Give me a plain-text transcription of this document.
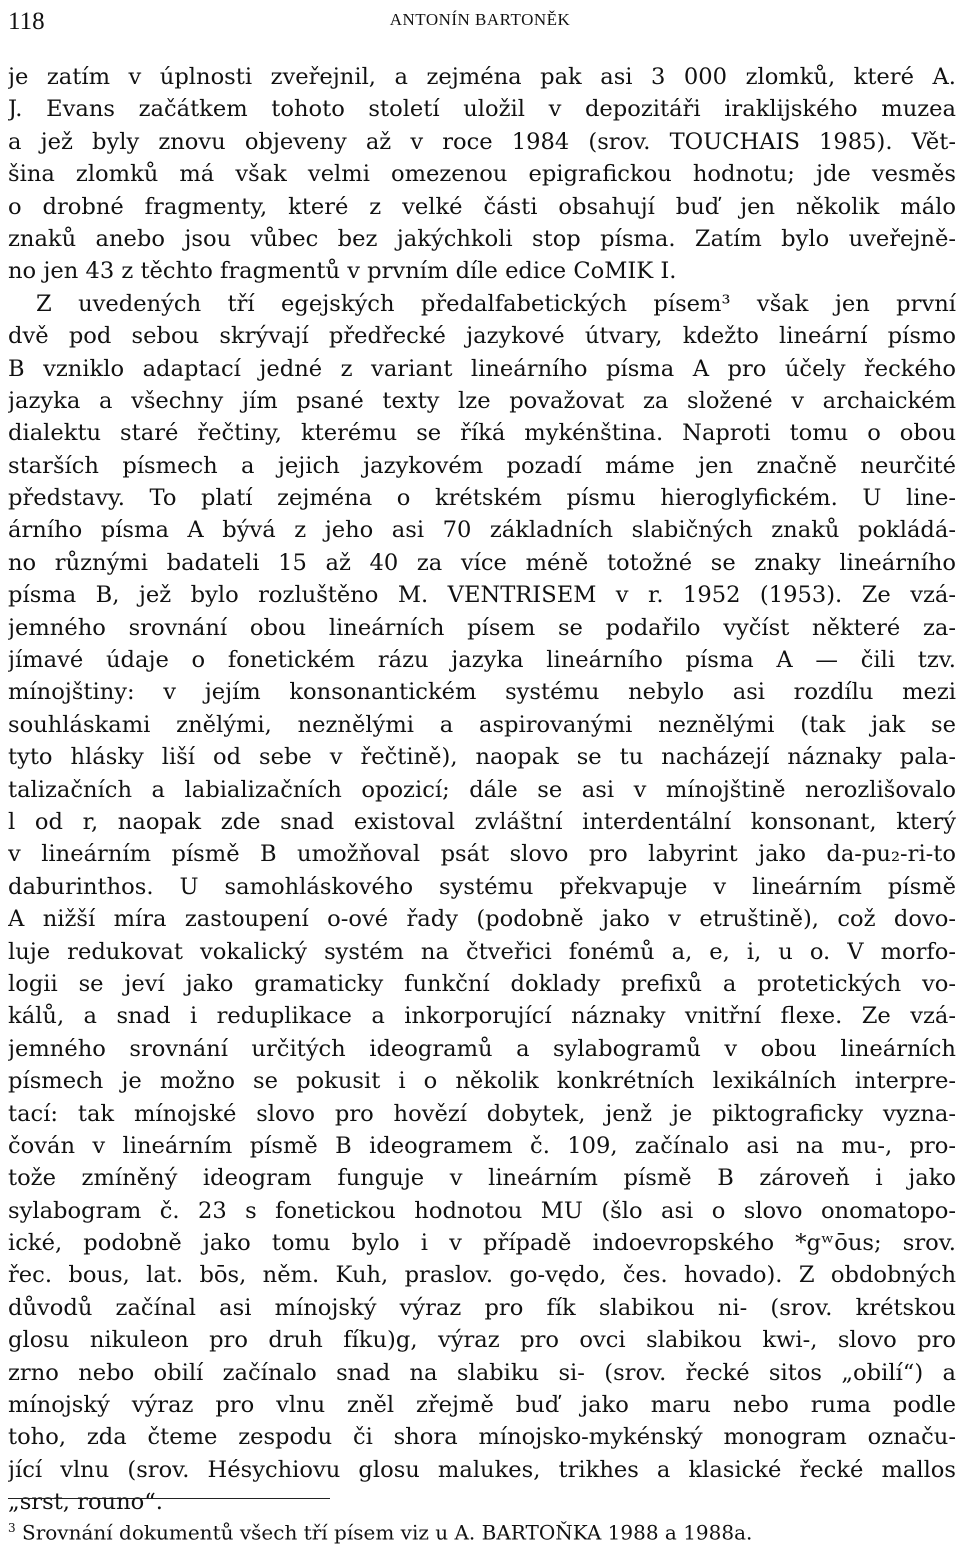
118	ANTONÍN BARTONĚK
je zatím v úplnosti zveřejnil, a zejména pak asi 3 000 zlomků, které A.
J. Evans začátkem tohoto století uložil v depozitáři iraklijského muzea
a jež byly znovu objeveny až v roce 1984 (srov. TOUCHAIS 1985). Vět-
šina zlomků má však velmi omezenou epigrafickou hodnotu; jde vesměs
o drobné fragmenty, které z velké části obsahují buď jen několik málo
znaků anebo jsou vůbec bez jakýchkoli stop písma. Zatím bylo uveřejně-
no jen 43 z těchto fragmentů v prvním díle edice CoMIK I.
Z uvedených tří egejských předalfabetických písem³ však jen první
dvě pod sebou skrývají předřecké jazykové útvary, kdežto lineární písmo
B vzniklo adaptací jedné z variant lineárního písma A pro účely řeckého
jazyka a všechny jím psané texty lze považovat za složené v archaickém
dialektu staré řečtiny, kterému se říká mykénština. Naproti tomu o obou
starších písmech a jejich jazykovém pozadí máme jen značně neurčité
představy. To platí zejména o krétském písmu hieroglyfickém. U line-
árního písma A bývá z jeho asi 70 základních slabičných znaků pokládá-
no různými badateli 15 až 40 za více méně totožné se znaky lineárního
písma B, jež bylo rozluštěno M. VENTRISEM v r. 1952 (1953). Ze vzá-
jemného srovnání obou lineárních písem se podařilo vyčíst některé za-
jímavé údaje o fonetickém rázu jazyka lineárního písma A — čili tzv.
mínojštiny: v jejím konsonantickém systému nebylo asi rozdílu mezi
souhláskami znělými, neznělými a aspirovanými neznělými (tak jak se
tyto hlásky liší od sebe v řečtině), naopak se tu nacházejí náznaky pala-
talizačních a labializačních opozicí; dále se asi v mínojštině nerozlišovalo
l od r, naopak zde snad existoval zvláštní interdentální konsonant, který
v lineárním písmě B umožňoval psát slovo pro labyrint jako da-pu₂-ri-to
daburinthos. U samohláskového systému překvapuje v lineárním písmě
A nižší míra zastoupení o-ové řady (podobně jako v etruštině), což dovo-
luje redukovat vokalický systém na čtveřici fonémů a, e, i, u o. V morfo-
logii se jeví jako gramaticky funkční doklady prefixů a protetických vo-
kálů, a snad i reduplikace a inkorporující náznaky vnitřní flexe. Ze vzá-
jemného srovnání určitých ideogramů a sylabogramů v obou lineárních
písmech je možno se pokusit i o několik konkrétních lexikálních interpre-
tací: tak mínojské slovo pro hovězí dobytek, jenž je piktograficky vyzna-
čován v lineárním písmě B ideogramem č. 109, začínalo asi na mu-, pro-
tože zmíněný ideogram funguje v lineárním písmě B zároveň i jako
sylabogram č. 23 s fonetickou hodnotou MU (šlo asi o slovo onomatopo-
ické, podobně jako tomu bylo i v případě indoevropského *gʷōus; srov.
řec. bous, lat. bōs, něm. Kuh, praslov. go-vędo, čes. hovado). Z obdobných
důvodů začínal asi mínojský výraz pro fík slabikou ni- (srov. krétskou
glosu nikuleon pro druh fíku)g, výraz pro ovci slabikou kwi-, slovo pro
zrno nebo obilí začínalo snad na slabiku si- (srov. řecké sitos „obilí“) a
mínojský výraz pro vlnu zněl zřejmě buď jako maru nebo ruma podle
toho, zda čteme zespodu či shora mínojsko-mykénský monogram označu-
jící vlnu (srov. Hésychiovu glosu malukes, trikhes a klasické řecké mallos
„srst, rouno“.
$^3$ Srovnání dokumentů všech tří písem viz u A. BARTOŇKA 1988 a 1988a.
